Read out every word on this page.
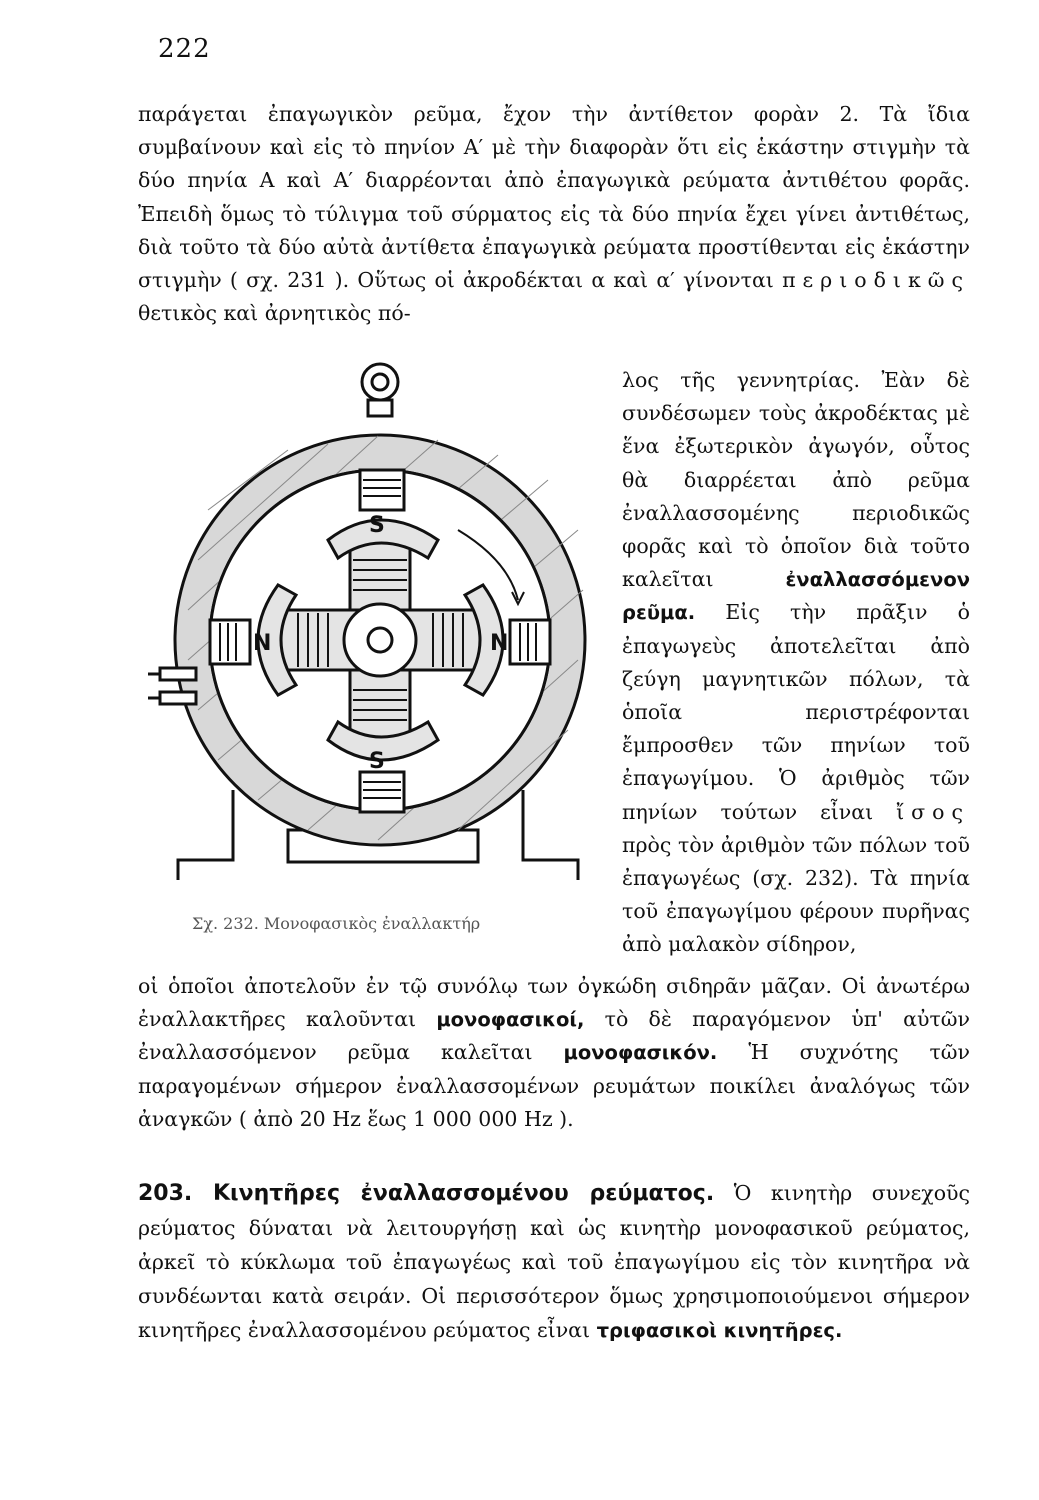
222

παράγεται ἐπαγωγικὸν ρεῦμα, ἔχον τὴν ἀντίθετον φορὰν 2. Τὰ ἴδια συμβαίνουν καὶ εἰς τὸ πηνίον Α′ μὲ τὴν διαφορὰν ὅτι εἰς ἑκάστην στιγμὴν τὰ δύο πηνία Α καὶ Α′ διαρρέονται ἀπὸ ἐπαγωγικὰ ρεύματα ἀντιθέτου φορᾶς. Ἐπειδὴ ὅμως τὸ τύλιγμα τοῦ σύρματος εἰς τὰ δύο πηνία ἔχει γίνει ἀντιθέτως, διὰ τοῦτο τὰ δύο αὐτὰ ἀντίθετα ἐπαγωγικὰ ρεύματα προστίθενται εἰς ἑκάστην στιγμὴν ( σχ. 231 ). Οὕτως οἱ ἀκροδέκται α καὶ α′ γίνονται περιοδικῶς θετικὸς καὶ ἀρνητικὸς πό-

S
N
S
N
Σχ. 232. Μονοφασικὸς ἐναλλακτήρ

λος τῆς γεννητρίας. Ἐὰν δὲ συνδέσωμεν τοὺς ἀκροδέκτας μὲ ἕνα ἐξωτερικὸν ἀγωγόν, οὗτος θὰ διαρρέεται ἀπὸ ρεῦμα ἐναλλασσομένης περιοδικῶς φορᾶς καὶ τὸ ὁποῖον διὰ τοῦτο καλεῖται	ἐναλλασσόμενον ρεῦμα. Εἰς τὴν πρᾶξιν ὁ ἐπαγωγεὺς ἀποτελεῖται ἀπὸ ζεύγη μαγνητικῶν πόλων, τὰ ὁποῖα περιστρέφονται ἔμπροσθεν τῶν πηνίων τοῦ ἐπαγωγίμου. Ὁ ἀριθμὸς τῶν πηνίων τούτων εἶναι ἴσος πρὸς τὸν ἀριθμὸν τῶν πόλων τοῦ ἐπαγωγέως (σχ. 232). Τὰ πηνία τοῦ ἐπαγωγίμου φέρουν πυρῆνας ἀπὸ μαλακὸν σίδηρον,

οἱ ὁποῖοι ἀποτελοῦν ἐν τῷ συνόλῳ των ὀγκώδη σιδηρᾶν μᾶζαν. Οἱ ἀνωτέρω ἐναλλακτῆρες καλοῦνται μονοφασικοί, τὸ δὲ παραγόμενον ὑπ' αὐτῶν ἐναλλασσόμενον ρεῦμα καλεῖται μονοφασικόν. Ἡ συχνότης τῶν παραγομένων σήμερον ἐναλλασσομένων ρευμάτων ποικίλει ἀναλόγως τῶν ἀναγκῶν ( ἀπὸ 20 Hz ἕως 1 000 000 Hz ).

203. Κινητῆρες ἐναλλασσομένου ρεύματος. Ὁ κινητὴρ συνεχοῦς ρεύματος δύναται νὰ λειτουργήσῃ καὶ ὡς κινητὴρ μονοφασικοῦ ρεύματος, ἀρκεῖ τὸ κύκλωμα τοῦ ἐπαγωγέως καὶ τοῦ ἐπαγωγίμου εἰς τὸν κινητῆρα νὰ συνδέωνται κατὰ σειράν. Οἱ περισσότερον ὅμως χρησιμοποιούμενοι σήμερον κινητῆρες ἐναλλασσομένου ρεύματος εἶναι τριφασικοὶ κινητῆρες.
